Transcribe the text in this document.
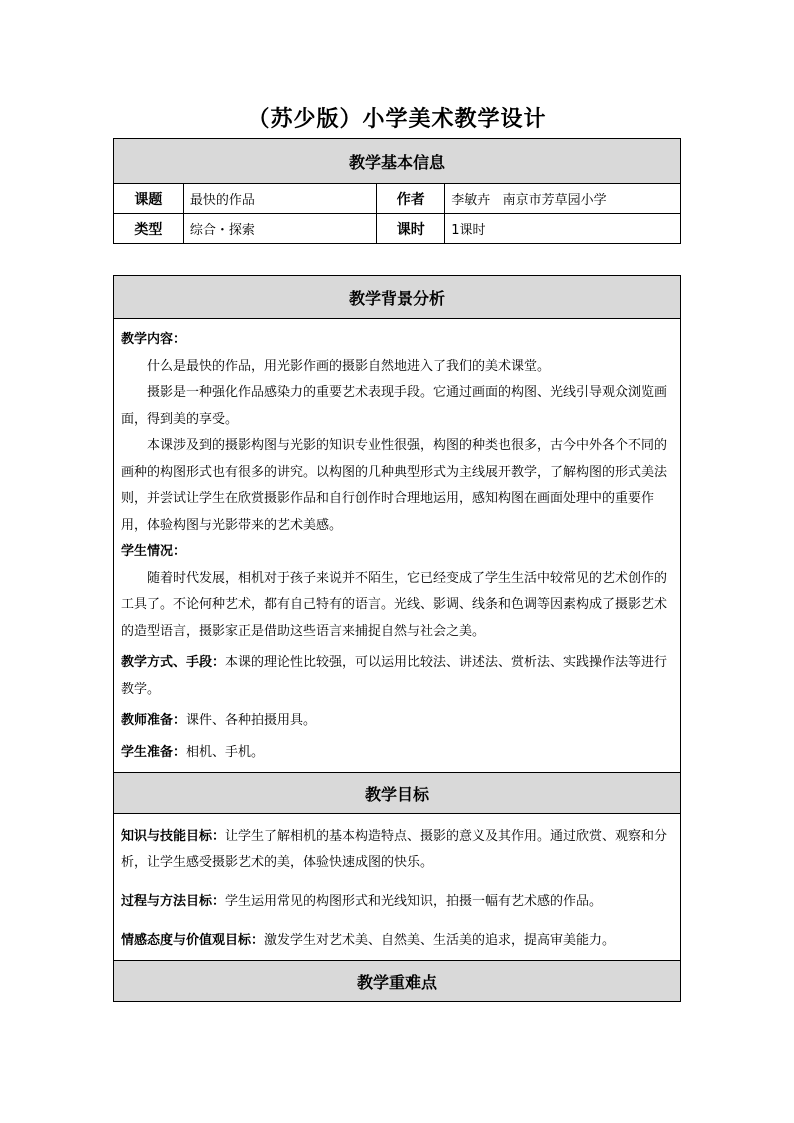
（苏少版）小学美术教学设计
教学基本信息			
课题	最快的作品	作者	李敏卉   南京市芳草园小学
类型	综合・探索	课时	1课时
教学背景分析

教学内容：

什么是最快的作品，用光影作画的摄影自然地进入了我们的美术课堂。

摄影是一种强化作品感染力的重要艺术表现手段。它通过画面的构图、光线引导观众浏览画面，得到美的享受。

本课涉及到的摄影构图与光影的知识专业性很强，构图的种类也很多，古今中外各个不同的画种的构图形式也有很多的讲究。以构图的几种典型形式为主线展开教学，了解构图的形式美法则，并尝试让学生在欣赏摄影作品和自行创作时合理地运用，感知构图在画面处理中的重要作用，体验构图与光影带来的艺术美感。

学生情况：

随着时代发展，相机对于孩子来说并不陌生，它已经变成了学生生活中较常见的艺术创作的工具了。不论何种艺术，都有自己特有的语言。光线、影调、线条和色调等因素构成了摄影艺术的造型语言，摄影家正是借助这些语言来捕捉自然与社会之美。

教学方式、手段：本课的理论性比较强，可以运用比较法、讲述法、赏析法、实践操作法等进行教学。

教师准备：课件、各种拍摄用具。

学生准备：相机、手机。

教学目标

知识与技能目标：让学生了解相机的基本构造特点、摄影的意义及其作用。通过欣赏、观察和分析，让学生感受摄影艺术的美，体验快速成图的快乐。

过程与方法目标：学生运用常见的构图形式和光线知识，拍摄一幅有艺术感的作品。

情感态度与价值观目标：激发学生对艺术美、自然美、生活美的追求，提高审美能力。

教学重难点
